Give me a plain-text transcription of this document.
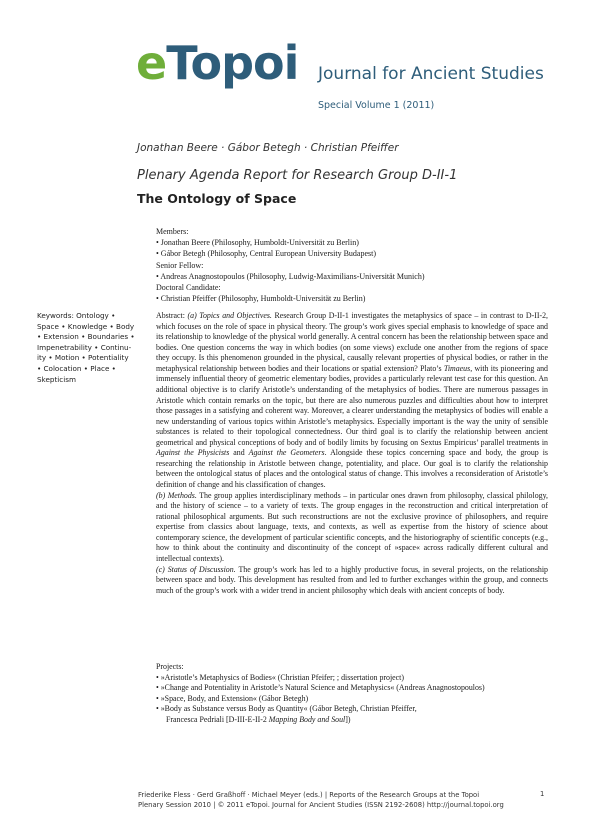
eTopoi Journal for Ancient Studies
Special Volume 1 (2011)
Jonathan Beere · Gábor Betegh · Christian Pfeiffer
Plenary Agenda Report for Research Group D-II-1
The Ontology of Space
Members:
• Jonathan Beere (Philosophy, Humboldt-Universität zu Berlin)
• Gábor Betegh (Philosophy, Central European University Budapest)
Senior Fellow:
• Andreas Anagnostopoulos (Philosophy, Ludwig-Maximilians-Universität Munich)
Doctoral Candidate:
• Christian Pfeiffer (Philosophy, Humboldt-Universität zu Berlin)
Keywords: Ontology •
Space • Knowledge • Body
• Extension • Boundaries •
Impenetrability • Continu-
ity • Motion • Potentiality
• Colocation • Place •
Skepticism

Abstract: (a) Topics and Objectives. Research Group D-II-1 investigates the metaphysics of space – in contrast to D-II-2, which focuses on the role of space in physical theory. The group’s work gives special emphasis to knowledge of space and its relationship to knowledge of the physical world generally. A central concern has been the relationship between space and bodies. One question concerns the way in which bodies (on some views) exclude one another from the regions of space they occupy. Is this phenomenon grounded in the physical, causally relevant properties of physical bodies, or rather in the metaphysical relationship between bodies and their locations or spatial extension? Plato’s Timaeus, with its pioneering and immensely influential theory of geometric elementary bodies, provides a particularly relevant test case for this question. An additional objective is to clarify Aristotle’s understanding of the metaphysics of bodies. There are numerous passages in Aristotle which contain remarks on the topic, but there are also numerous puzzles and difficulties about how to interpret those passages in a satisfying and coherent way. Moreover, a clearer understanding the metaphysics of bodies will enable a new understanding of various topics within Aristotle’s metaphysics. Especially important is the way the unity of sensible substances is related to their topological connectedness. Our third goal is to clarify the relationship between ancient geometrical and physical conceptions of body and of bodily limits by focusing on Sextus Empiricus’ parallel treatments in Against the Physicists and Against the Geometers. Alongside these topics concerning space and body, the group is researching the relationship in Aristotle between change, potentiality, and place. Our goal is to clarify the relationship between the ontological status of places and the ontological status of change. This involves a reconsideration of Aristotle’s definition of change and his classification of changes.

(b) Methods. The group applies interdisciplinary methods – in particular ones drawn from philosophy, classical philology, and the history of science – to a variety of texts. The group engages in the reconstruction and critical interpretation of rational philosophical arguments. But such reconstructions are not the exclusive province of philosophers, and require expertise from classics about language, texts, and contexts, as well as expertise from the history of science about contemporary science, the development of particular scientific concepts, and the historiography of scientific concepts (e.g., how to think about the continuity and discontinuity of the concept of »space« across radically different cultural and intellectual contexts).

(c) Status of Discussion. The group’s work has led to a highly productive focus, in several projects, on the relationship between space and body. This development has resulted from and led to further exchanges within the group, and connects much of the group’s work with a wider trend in ancient philosophy which deals with ancient concepts of body.

Projects:
• »Aristotle’s Metaphysics of Bodies« (Christian Pfeifer; ; dissertation project)
• »Change and Potentiality in Aristotle’s Natural Science and Metaphysics« (Andreas Anagnostopoulos)
• »Space, Body, and Extension« (Gábor Betegh)
• »Body as Substance versus Body as Quantity« (Gábor Betegh, Christian Pfeiffer,
Francesca Pedriali [D-III-E-II-2 Mapping Body and Soul])
Friederike Fless · Gerd Graßhoff · Michael Meyer (eds.) | Reports of the Research Groups at the Topoi
Plenary Session 2010 | © 2011 eTopoi. Journal for Ancient Studies (ISSN 2192-2608) http://journal.topoi.org
1
